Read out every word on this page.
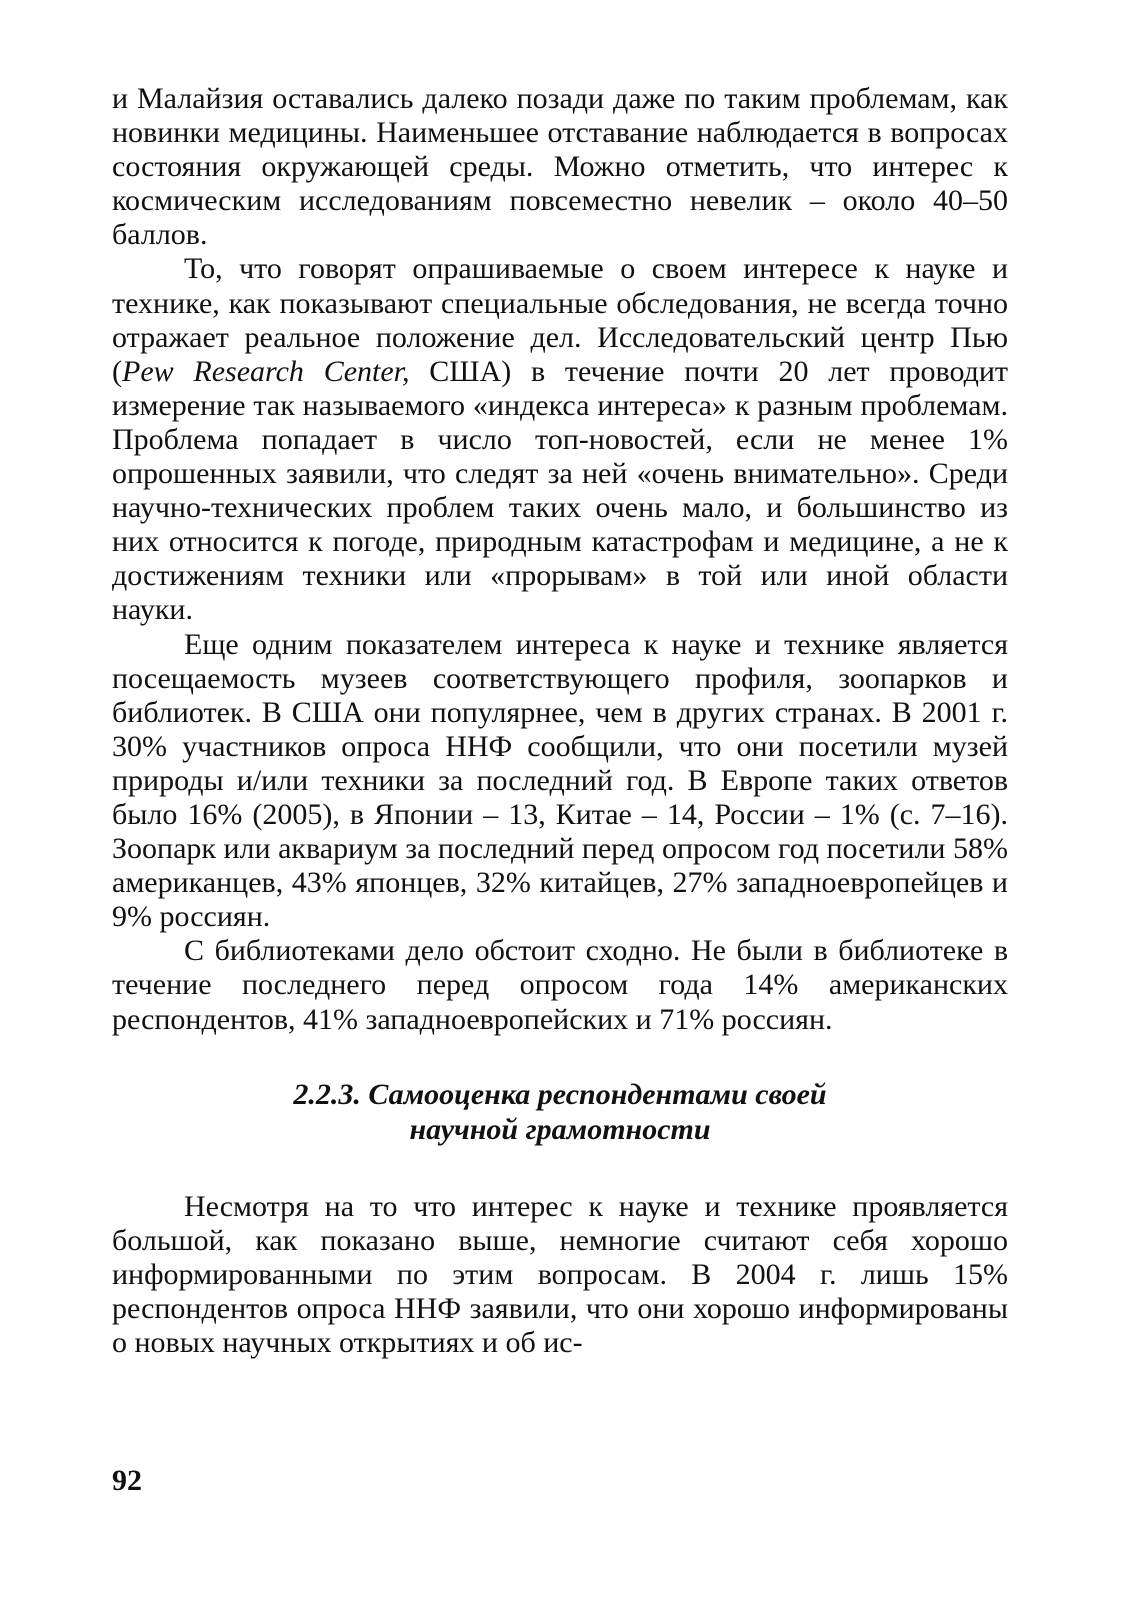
и Малайзия оставались далеко позади даже по таким проблемам, как новинки медицины. Наименьшее отставание наблюдается в вопросах состояния окружающей среды. Можно отметить, что интерес к космическим исследованиям повсеместно невелик – около 40–50 баллов.

То, что говорят опрашиваемые о своем интересе к науке и технике, как показывают специальные обследования, не всегда точно отражает реальное положение дел. Исследовательский центр Пью (Pew Research Center, США) в течение почти 20 лет проводит измерение так называемого «индекса интереса» к разным проблемам. Проблема попадает в число топ-новостей, если не менее 1% опрошенных заявили, что следят за ней «очень внимательно». Среди научно-технических проблем таких очень мало, и большинство из них относится к погоде, природным катастрофам и медицине, а не к достижениям техники или «прорывам» в той или иной области науки.

Еще одним показателем интереса к науке и технике является посещаемость музеев соответствующего профиля, зоопарков и библиотек. В США они популярнее, чем в других странах. В 2001 г. 30% участников опроса ННФ сообщили, что они посетили музей природы и/или техники за последний год. В Европе таких ответов было 16% (2005), в Японии – 13, Китае – 14, России – 1% (с. 7–16). Зоопарк или аквариум за последний перед опросом год посетили 58% американцев, 43% японцев, 32% китайцев, 27% западноевропейцев и 9% россиян.

С библиотеками дело обстоит сходно. Не были в библиотеке в течение последнего перед опросом года 14% американских респондентов, 41% западноевропейских и 71% россиян.

2.2.3. Самооценка респондентами своей
научной грамотности

Несмотря на то что интерес к науке и технике проявляется большой, как показано выше, немногие считают себя хорошо информированными по этим вопросам. В 2004 г. лишь 15% респондентов опроса ННФ заявили, что они хорошо информированы о новых научных открытиях и об ис-

92
